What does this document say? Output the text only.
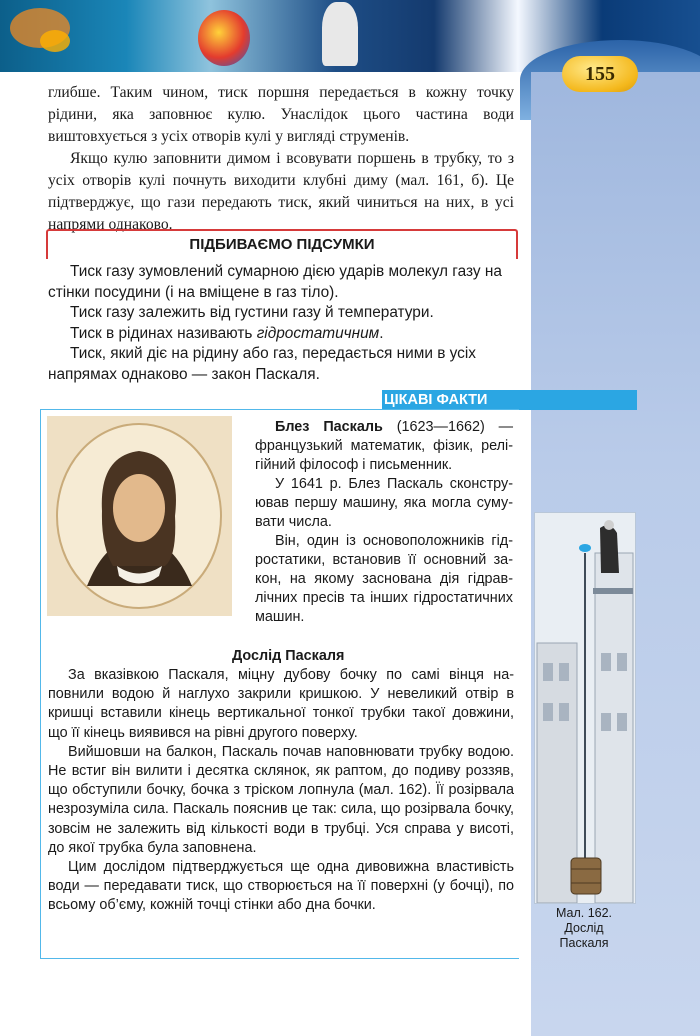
155

глибше. Таким чином, тиск поршня передається в кожну точку рідини, яка заповнює кулю. Унаслідок цього частина води виштовхується з усіх отворів кулі у вигляді струменів.

Якщо кулю заповнити димом і всовувати поршень в трубку, то з усіх отворів кулі почнуть виходити клубні диму (мал. 161, б). Це підтверджує, що гази передають тиск, який чиниться на них, в усі напрями однаково.

ПІДБИВАЄМО ПІДСУМКИ

Тиск газу зумовлений сумарною дією ударів молекул газу на стінки посудини (і на вміщене в газ тіло).

Тиск газу залежить від густини газу й температури.

Тиск в рідинах називають гідростатичним.

Тиск, який діє на рідину або газ, передається ними в усіх напрямах однаково — закон Паскаля.

ЦІКАВІ ФАКТИ

Блез Паскаль (1623—1662) — французький математик, фізик, релігійний філософ і письменник.

У 1641 р. Блез Паскаль сконструював першу машину, яка могла сумувати числа.

Він, один із основоположників гідростатики, встановив її основний закон, на якому заснована дія гідравлічних пресів та інших гідростатичних машин.

Дослід Паскаля

За вказівкою Паскаля, міцну дубову бочку по самі вінця наповнили водою й наглухо закрили кришкою. У невеликий отвір в кришці вставили кінець вертикальної тонкої трубки такої довжини, що її кінець виявився на рівні другого поверху.

Вийшовши на балкон, Паскаль почав наповнювати трубку водою. Не встиг він вилити і десятка склянок, як раптом, до подиву роззяв, що обступили бочку, бочка з тріском лопнула (мал. 162). Її розірвала незрозуміла сила. Паскаль пояснив це так: сила, що розірвала бочку, зовсім не залежить від кількості води в трубці. Уся справа у висоті, до якої трубка була заповнена.

Цим дослідом підтверджується ще одна дивовижна властивість води — передавати тиск, що створюється на її поверхні (у бочці), по всьому об’єму, кожній точці стінки або дна бочки.	Мал. 162.
Дослід
Паскаля
